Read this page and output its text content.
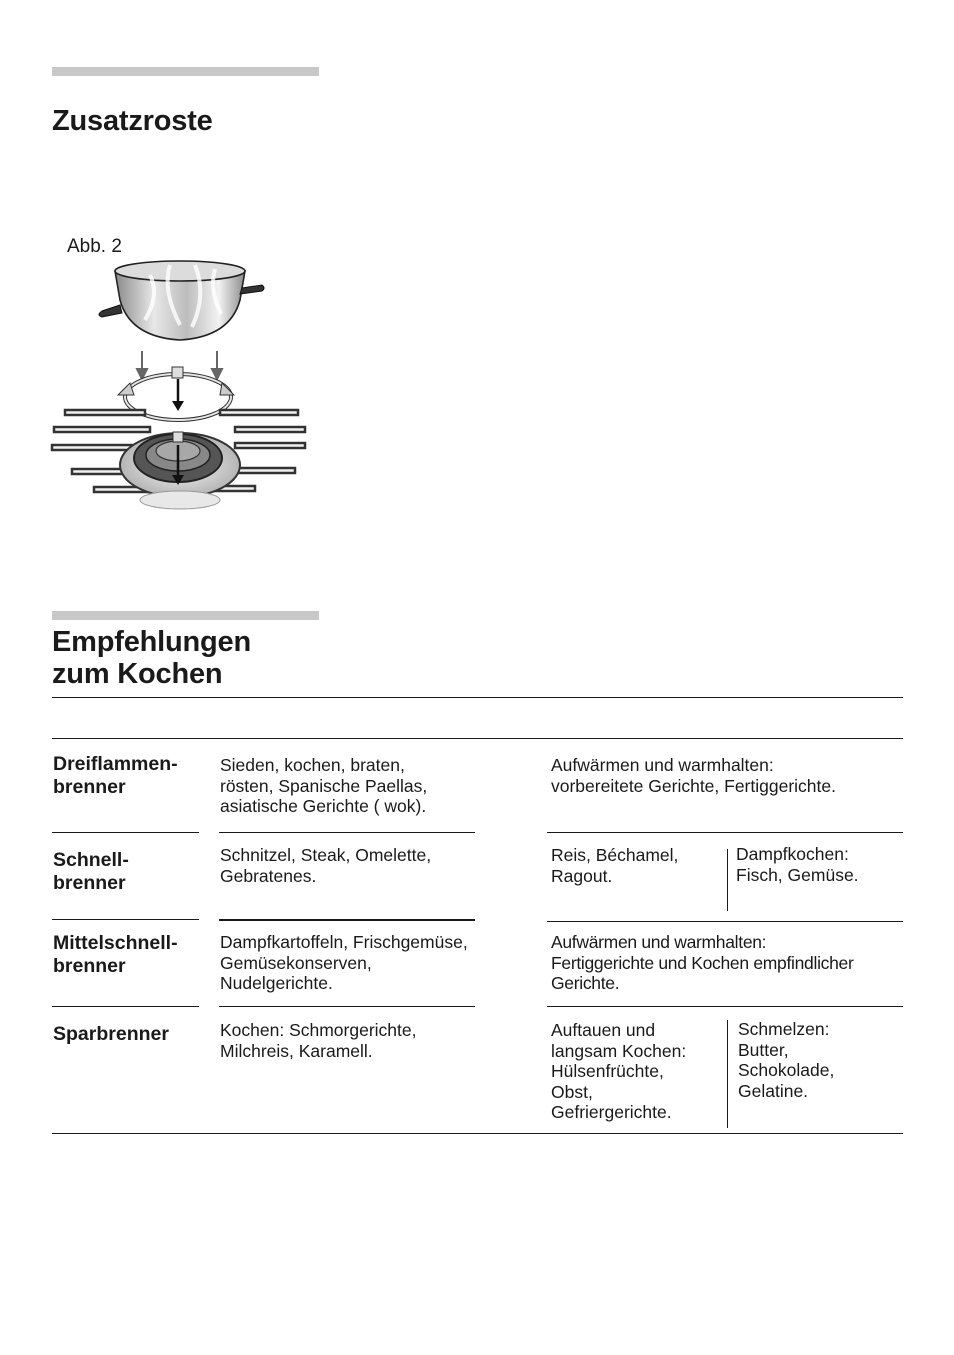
Zusatzroste
Abb. 2
Empfehlungen
zum Kochen
Dreiflammen-
brenner
Sieden, kochen, braten,
rösten, Spanische Paellas,
asiatische Gerichte ( wok).
Aufwärmen und warmhalten:
vorbereitete Gerichte, Fertiggerichte.
Schnell-
brenner
Schnitzel, Steak, Omelette,
Gebratenes.
Reis, Béchamel,
Ragout.
Dampfkochen:
Fisch, Gemüse.
Mittelschnell-
brenner
Dampfkartoffeln, Frischgemüse,
Gemüsekonserven,
Nudelgerichte.
Aufwärmen und warmhalten:
Fertiggerichte und Kochen empfindlicher
Gerichte.
Sparbrenner	Kochen: Schmorgerichte,
Milchreis, Karamell.
Auftauen und
langsam Kochen:
Hülsenfrüchte,
Obst,
Gefriergerichte.
Schmelzen:
Butter,
Schokolade,
Gelatine.
